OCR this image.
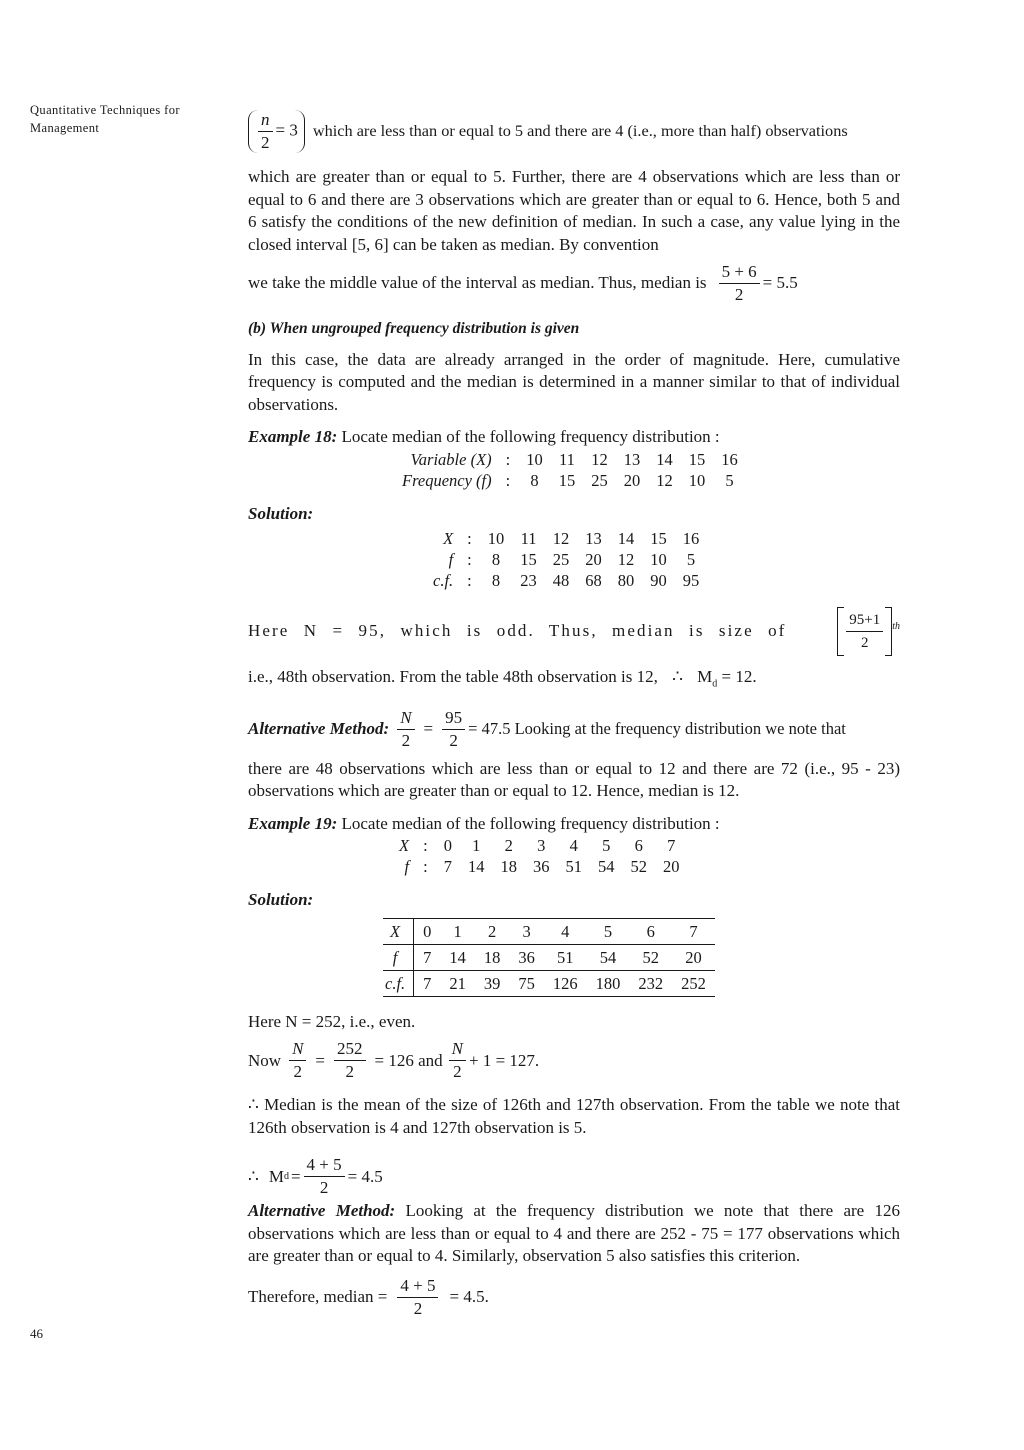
Quantitative Techniques for Management
46
$\frac{n}{2} = 3$ which are less than or equal to 5 and there are 4 (i.e., more than half) observations

which are greater than or equal to 5. Further, there are 4 observations which are less than or equal to 6 and there are 3 observations which are greater than or equal to 6. Hence, both 5 and 6 satisfy the conditions of the new definition of median. In such a case, any value lying in the closed interval [5, 6] can be taken as median. By convention

we take the middle value of the interval as median. Thus, median is $\frac{5 + 6}{2} = 5.5$
(b) When ungrouped frequency distribution is given

In this case, the data are already arranged in the order of magnitude. Here, cumulative frequency is computed and the median is determined in a manner similar to that of individual observations.

Example 18: Locate median of the following frequency distribution :
Variable (X)	:	10	11	12	13	14	15	16
Frequency (f)	:	8	15	25	20	12	10	5
Solution:
X	:	10	11	12	13	14	15	16
f	:	8	15	25	20	12	10	5
c.f.	:	8	23	48	68	80	90	95
Here N = 95, which is odd. Thus, median is size of	$\frac{95+1}{2} ^{th}$
i.e., 48th observation. From the table 48th observation is 12, ∴ $M_d = 12$.
Alternative Method: $\frac{N}{2} = \frac{95}{2} = 47.5$ Looking at the frequency distribution we note that

there are 48 observations which are less than or equal to 12 and there are 72 (i.e., 95 - 23) observations which are greater than or equal to 12. Hence, median is 12.

Example 19: Locate median of the following frequency distribution :
X	:	0	1	2	3	4	5	6	7
f	:	7	14	18	36	51	54	52	20
Solution:
X	0	1	2	3	4	5	6	7
f	7	14	18	36	51	54	52	20
c.f.	7	21	39	75	126	180	232	252
Here N = 252, i.e., even.
Now $\frac{N}{2} = \frac{252}{2} = 126$ and $\frac{N}{2} + 1 = 127$.

∴ Median is the mean of the size of 126th and 127th observation. From the table we note that 126th observation is 4 and 127th observation is 5.

∴ M $d = \frac{4 + 5}{2} = 4.5$

Alternative Method: Looking at the frequency distribution we note that there are 126 observations which are less than or equal to 4 and there are 252 - 75 = 177 observations which are greater than or equal to 4. Similarly, observation 5 also satisfies this criterion.

Therefore, median = $\frac{4 + 5}{2} = 4.5$.
